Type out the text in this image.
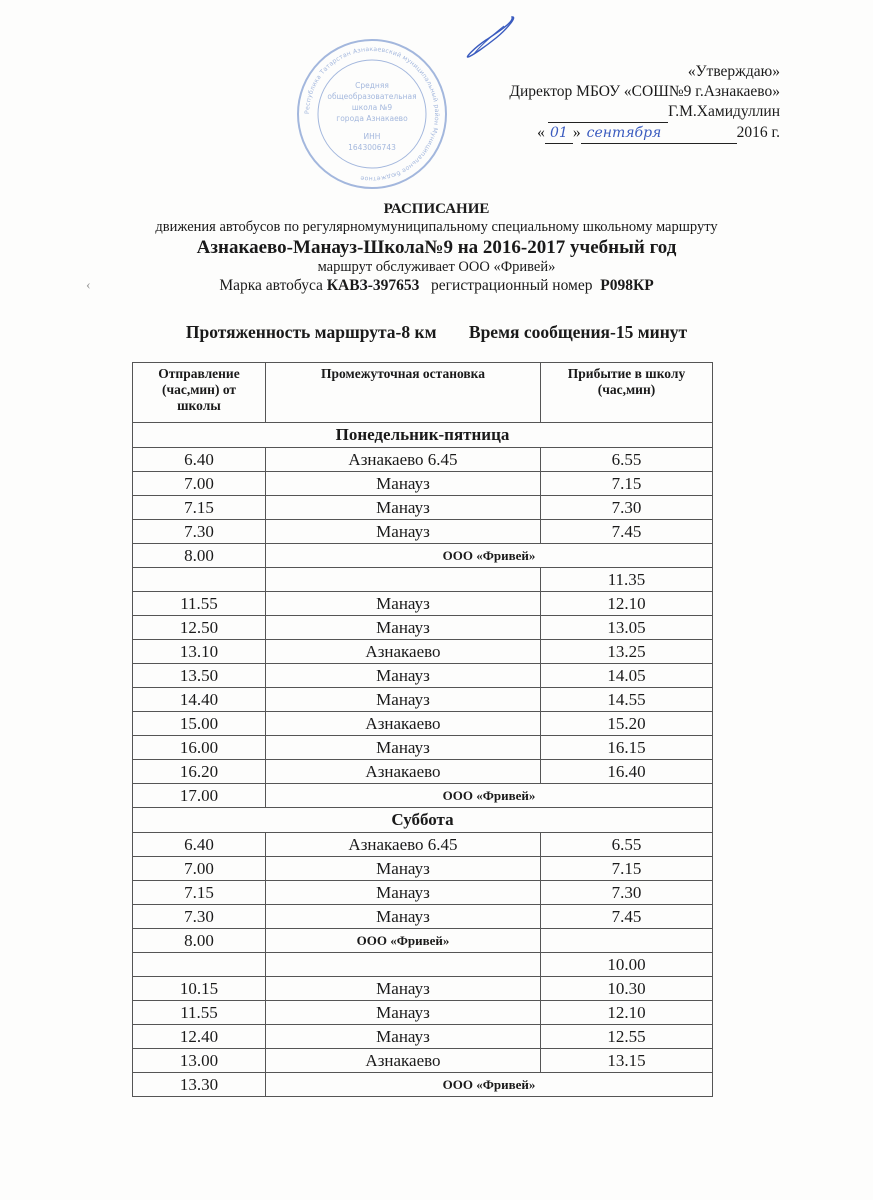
Республика Татарстан Азнакаевский муниципальный район Муниципальное бюджетное
Средняя
общеобразовательная
школа №9
города Азнакаево
ИНН
1643006743
«Утверждаю»
Директор МБОУ «СОШ№9 г.Азнакаево»
Г.М.Хамидуллин
« 01 » сентября	2016 г.
РАСПИСАНИЕ
движения автобусов по регулярномумуниципальному специальному школьному маршруту
Азнакаево-Манауз-Школа№9 на 2016-2017 учебный год
маршрут обслуживает ООО «Фривей»
Марка автобуса КАВЗ-397653   регистрационный номер  Р098КР
‹
Протяженность маршрута-8 км Время сообщения-15 минут
Отправление (час,мин) от школы	Промежуточная остановка	Прибытие в школу (час,мин)
Понедельник-пятница		
6.40	Азнакаево 6.45	6.55
7.00	Манауз	7.15
7.15	Манауз	7.30
7.30	Манауз	7.45
8.00	ООО «Фривей»	
		11.35
11.55	Манауз	12.10
12.50	Манауз	13.05
13.10	Азнакаево	13.25
13.50	Манауз	14.05
14.40	Манауз	14.55
15.00	Азнакаево	15.20
16.00	Манауз	16.15
16.20	Азнакаево	16.40
17.00	ООО «Фривей»	
Суббота		
6.40	Азнакаево 6.45	6.55
7.00	Манауз	7.15
7.15	Манауз	7.30
7.30	Манауз	7.45
8.00	ООО «Фривей»	
		10.00
10.15	Манауз	10.30
11.55	Манауз	12.10
12.40	Манауз	12.55
13.00	Азнакаево	13.15
13.30	ООО «Фривей»	
